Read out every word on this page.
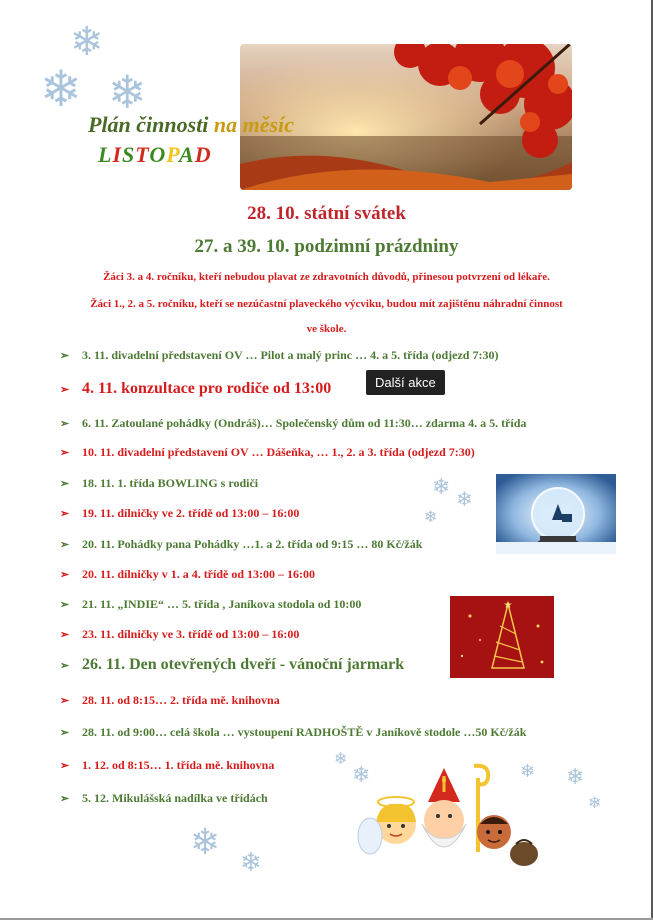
❄
❄ ❄
❄
❄
❄
❄
❄	❄ ❄
❄
❄
❄
Plán činnosti na měsíc
LISTOPAD
28. 10. státní svátek
27. a 39. 10. podzimní prázdniny
Žáci 3. a 4. ročníku, kteří nebudou plavat ze zdravotních důvodů, přinesou potvrzení od lékaře.
Žáci 1., 2. a 5. ročníku, kteří se nezúčastní plaveckého výcviku, budou mít zajištěnu náhradní činnost
ve škole.
➢ 3. 11. divadelní představení OV … Pilot a malý princ … 4. a 5. třída (odjezd 7:30)
➢ 4. 11. konzultace pro rodiče od 13:00
➢ 6. 11. Zatoulané pohádky (Ondráš)… Společenský dům od 11:30… zdarma 4. a 5. třída
➢ 10. 11. divadelní představení OV … Dášeňka, … 1., 2. a 3. třída (odjezd 7:30)
➢ 18. 11. 1. třída BOWLING s rodiči
➢ 19. 11. dílničky ve 2. třídě od 13:00 – 16:00
➢ 20. 11. Pohádky pana Pohádky …1. a 2. třída od 9:15 … 80 Kč/žák
➢ 20. 11. dílničky v 1. a 4. třídě od 13:00 – 16:00
➢ 21. 11. „INDIE“ … 5. třída , Janíkova stodola od 10:00
➢ 23. 11. dílničky ve 3. třídě od 13:00 – 16:00
➢ 26. 11. Den otevřených dveří - vánoční jarmark
➢ 28. 11. od 8:15… 2. třída mě. knihovna
➢ 28. 11. od 9:00… celá škola … vystoupení RADHOŠTĚ v Janíkově stodole …50 Kč/žák
➢ 1. 12. od 8:15… 1. třída mě. knihovna
➢ 5. 12. Mikulášská nadílka ve třídách
Další akce
★
